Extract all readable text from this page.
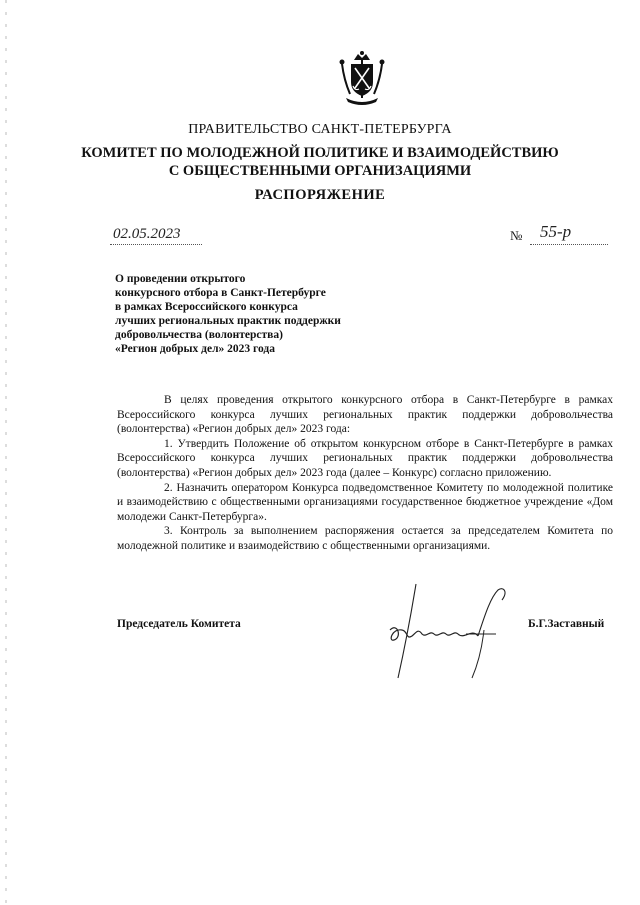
ПРАВИТЕЛЬСТВО САНКТ-ПЕТЕРБУРГА
КОМИТЕТ ПО МОЛОДЕЖНОЙ ПОЛИТИКЕ И ВЗАИМОДЕЙСТВИЮ
С ОБЩЕСТВЕННЫМИ ОРГАНИЗАЦИЯМИ
РАСПОРЯЖЕНИЕ
02.05.2023	№ 55-р
О проведении открытого
конкурсного отбора в Санкт-Петербурге
в рамках Всероссийского конкурса
лучших региональных практик поддержки
добровольчества (волонтерства)
«Регион добрых дел» 2023 года

В целях проведения открытого конкурсного отбора в Санкт-Петербурге в рамках Всероссийского конкурса лучших региональных практик поддержки добровольчества (волонтерства) «Регион добрых дел» 2023 года:

1. Утвердить Положение об открытом конкурсном отборе в Санкт-Петербурге в рамках Всероссийского конкурса лучших региональных практик поддержки добровольчества (волонтерства) «Регион добрых дел» 2023 года (далее – Конкурс) согласно приложению.

2. Назначить оператором Конкурса подведомственное Комитету по молодежной политике и взаимодействию с общественными организациями государственное бюджетное учреждение «Дом молодежи Санкт-Петербурга».

3. Контроль за выполнением распоряжения остается за председателем Комитета по молодежной политике и взаимодействию с общественными организациями.

Председатель Комитета	Б.Г.Заставный
